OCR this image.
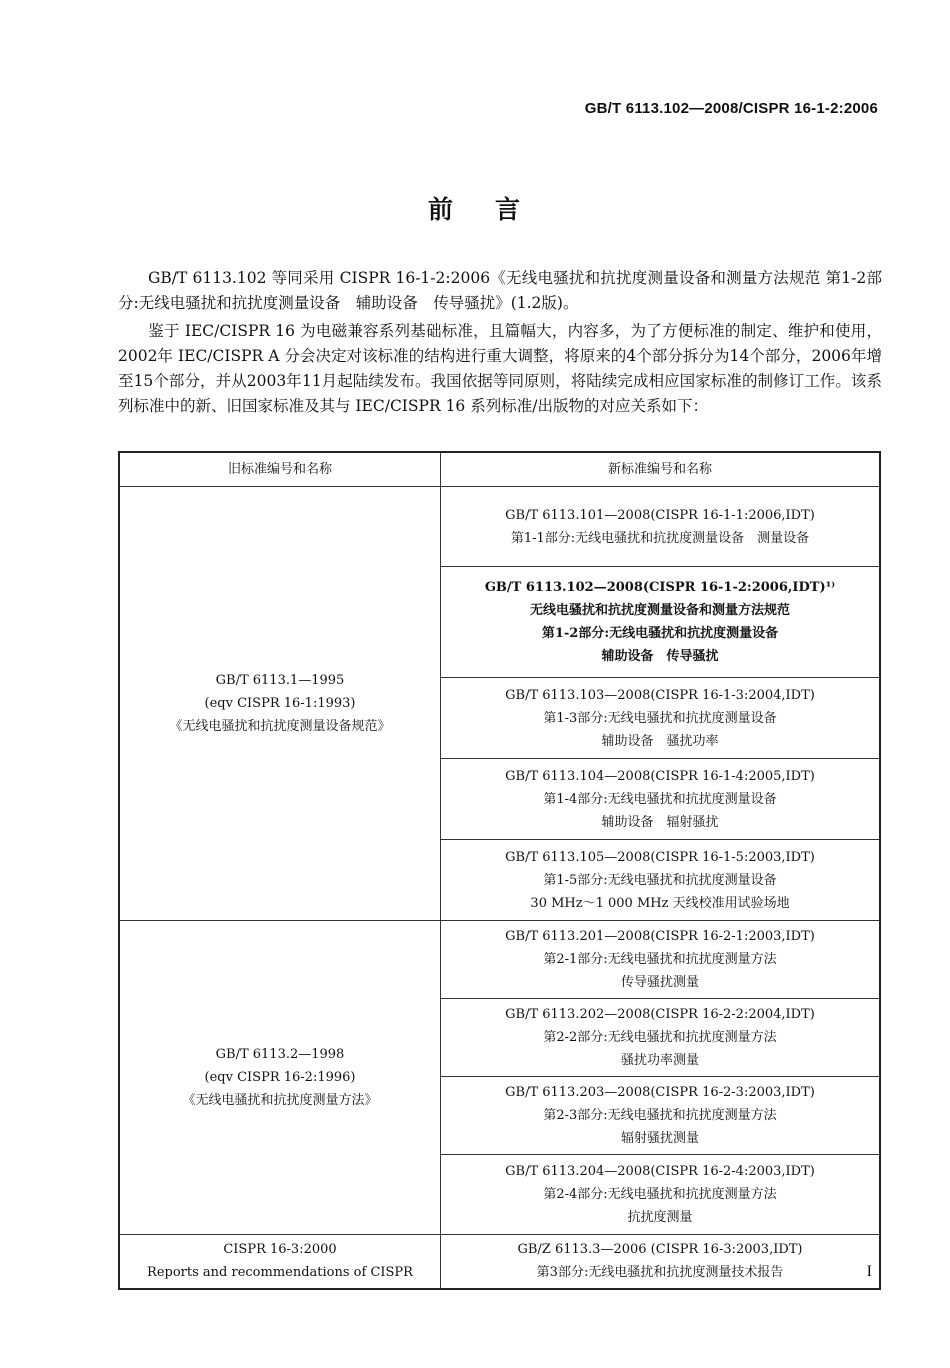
GB/T 6113.102—2008/CISPR 16-1-2:2006
前 言
GB/T 6113.102 等同采用 CISPR 16-1-2:2006《无线电骚扰和抗扰度测量设备和测量方法规范 第1-2部分:无线电骚扰和抗扰度测量设备　辅助设备　传导骚扰》(1.2版)。
鉴于 IEC/CISPR 16 为电磁兼容系列基础标准，且篇幅大，内容多，为了方便标准的制定、维护和使用，2002年 IEC/CISPR A 分会决定对该标准的结构进行重大调整，将原来的4个部分拆分为14个部分，2006年增至15个部分，并从2003年11月起陆续发布。我国依据等同原则，将陆续完成相应国家标准的制修订工作。该系列标准中的新、旧国家标准及其与 IEC/CISPR 16 系列标准/出版物的对应关系如下：
旧标准编号和名称	新标准编号和名称

GB/T 6113.1—1995
(eqv CISPR 16-1:1993)
《无线电骚扰和抗扰度测量设备规范》	GB/T 6113.101—2008(CISPR 16-1-1:2006,IDT)
第1-1部分:无线电骚扰和抗扰度测量设备　测量设备

	GB/T 6113.102—2008(CISPR 16-1-2:2006,IDT)¹⁾
无线电骚扰和抗扰度测量设备和测量方法规范
第1-2部分:无线电骚扰和抗扰度测量设备
辅助设备　传导骚扰

	GB/T 6113.103—2008(CISPR 16-1-3:2004,IDT)
第1-3部分:无线电骚扰和抗扰度测量设备
辅助设备　骚扰功率

	GB/T 6113.104—2008(CISPR 16-1-4:2005,IDT)
第1-4部分:无线电骚扰和抗扰度测量设备
辅助设备　辐射骚扰

	GB/T 6113.105—2008(CISPR 16-1-5:2003,IDT)
第1-5部分:无线电骚扰和抗扰度测量设备
30 MHz～1 000 MHz 天线校准用试验场地

GB/T 6113.2—1998
(eqv CISPR 16-2:1996)
《无线电骚扰和抗扰度测量方法》	GB/T 6113.201—2008(CISPR 16-2-1:2003,IDT)
第2-1部分:无线电骚扰和抗扰度测量方法
传导骚扰测量

	GB/T 6113.202—2008(CISPR 16-2-2:2004,IDT)
第2-2部分:无线电骚扰和抗扰度测量方法
骚扰功率测量

	GB/T 6113.203—2008(CISPR 16-2-3:2003,IDT)
第2-3部分:无线电骚扰和抗扰度测量方法
辐射骚扰测量

	GB/T 6113.204—2008(CISPR 16-2-4:2003,IDT)
第2-4部分:无线电骚扰和抗扰度测量方法
抗扰度测量

CISPR 16-3:2000
Reports and recommendations of CISPR	GB/Z 6113.3—2006 (CISPR 16-3:2003,IDT)
第3部分:无线电骚扰和抗扰度测量技术报告	I
